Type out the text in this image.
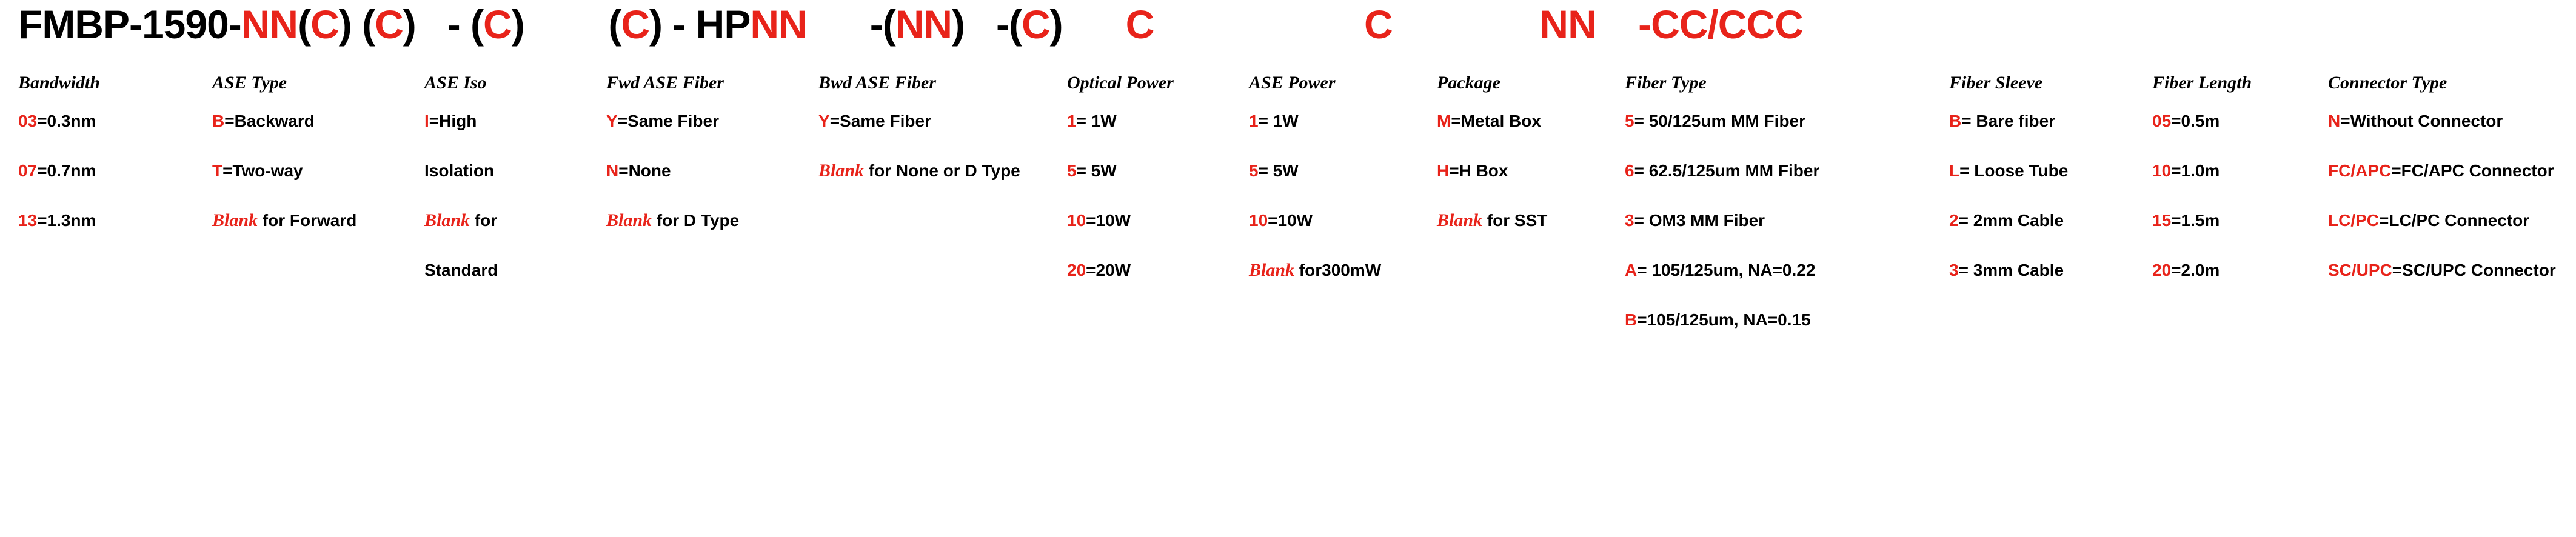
FMBP-1590-NN(C) (C)   - (C)        (C) - HPNN      -(NN)   -(C)      C                    C              NN    -CC/CCC
Bandwidth
03=0.3nm
07=0.7nm
13=1.3nm
ASE Type
B=Backward
T=Two-way
Blank for Forward
ASE Iso
I=High
Isolation
Blank for
Standard
Fwd ASE Fiber
Y=Same Fiber
N=None
Blank for D Type
Bwd ASE Fiber
Y=Same Fiber
Blank for None or D Type
Optical Power
1= 1W
5= 5W
10=10W
20=20W
ASE Power
1= 1W
5= 5W
10=10W
Blank for300mW
Package
M=Metal Box
H=H Box
Blank for SST
Fiber Type
5= 50/125um MM Fiber
6= 62.5/125um MM Fiber
3= OM3 MM Fiber
A= 105/125um, NA=0.22
B=105/125um, NA=0.15
Fiber Sleeve
B= Bare fiber
L= Loose Tube
2= 2mm Cable
3= 3mm Cable
Fiber Length
05=0.5m
10=1.0m
15=1.5m
20=2.0m
Connector Type
N=Without Connector
FC/APC=FC/APC Connector
LC/PC=LC/PC Connector
SC/UPC=SC/UPC Connector
